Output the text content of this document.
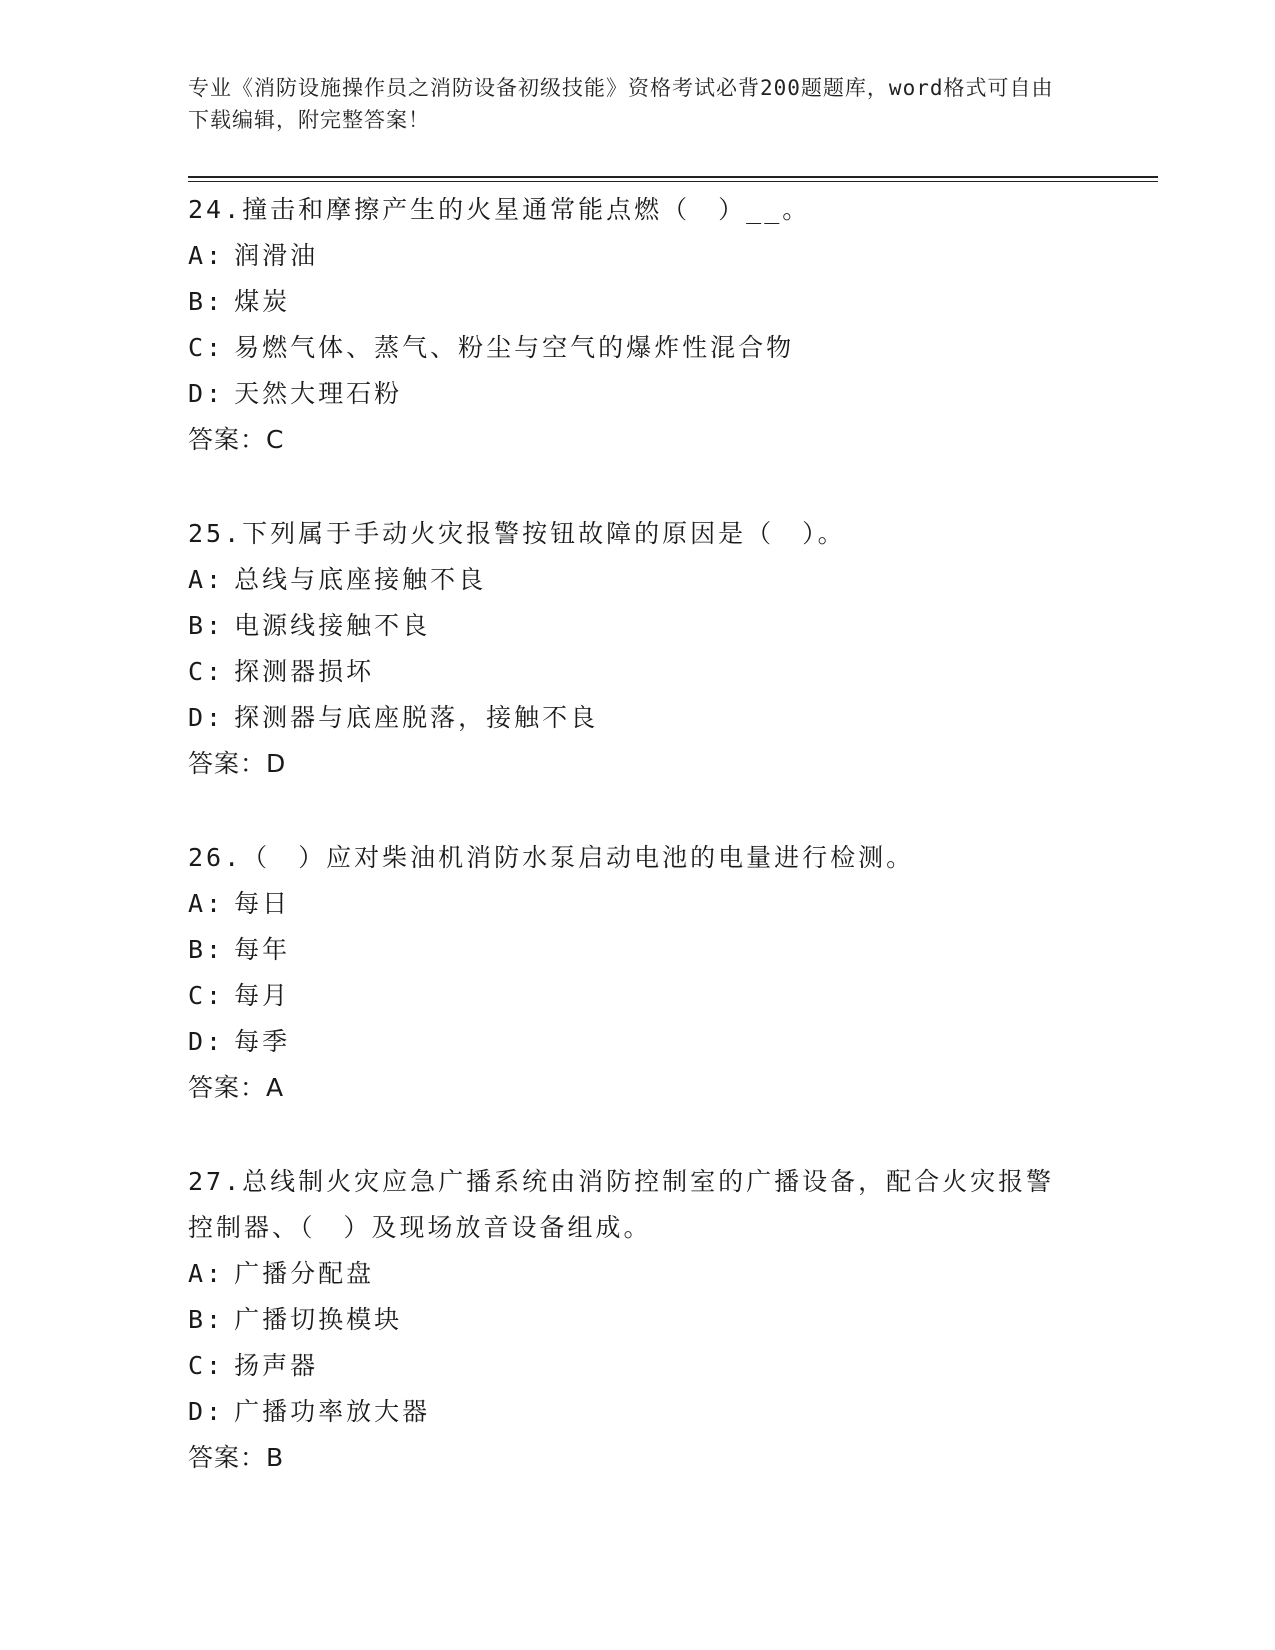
专业《消防设施操作员之消防设备初级技能》资格考试必背200题题库，word格式可自由下载编辑，附完整答案！
24.撞击和摩擦产生的火星通常能点燃（　）__。
A: 润滑油
B: 煤炭
C: 易燃气体、蒸气、粉尘与空气的爆炸性混合物
D: 天然大理石粉
答案：C
25.下列属于手动火灾报警按钮故障的原因是（　）。
A: 总线与底座接触不良
B: 电源线接触不良
C: 探测器损坏
D: 探测器与底座脱落，接触不良
答案：D
26.（　）应对柴油机消防水泵启动电池的电量进行检测。
A: 每日
B: 每年
C: 每月
D: 每季
答案：A
27.总线制火灾应急广播系统由消防控制室的广播设备，配合火灾报警控制器、（　）及现场放音设备组成。
A: 广播分配盘
B: 广播切换模块
C: 扬声器
D: 广播功率放大器
答案：B
